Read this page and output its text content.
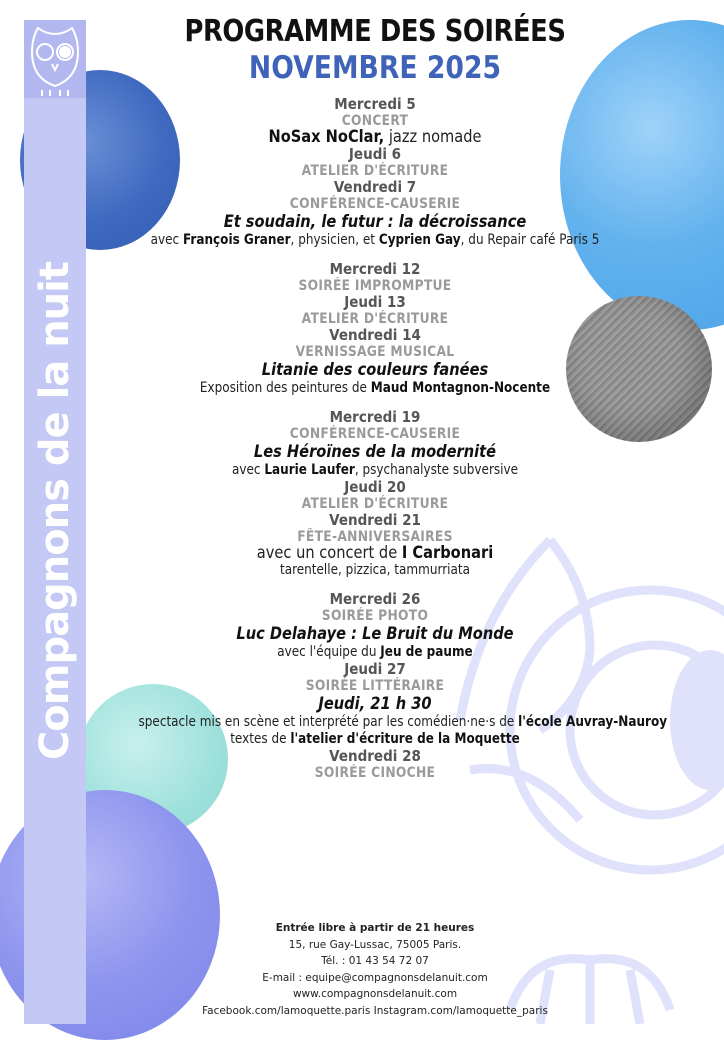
Compagnons de la nuit
PROGRAMME DES SOIRÉES
NOVEMBRE 2025
Mercredi 5
CONCERT
NoSax NoClar, jazz nomade
Jeudi 6
ATELIER D'ÉCRITURE
Vendredi 7
CONFÉRENCE-CAUSERIE
Et soudain, le futur : la décroissance
avec François Graner, physicien, et Cyprien Gay, du Repair café Paris 5
Mercredi 12
SOIRÉE IMPROMPTUE
Jeudi 13
ATELIER D'ÉCRITURE
Vendredi 14
VERNISSAGE MUSICAL
Litanie des couleurs fanées
Exposition des peintures de Maud Montagnon-Nocente
Mercredi 19
CONFÉRENCE-CAUSERIE
Les Héroïnes de la modernité
avec Laurie Laufer, psychanalyste subversive
Jeudi 20
ATELIER D'ÉCRITURE
Vendredi 21
FÊTE-ANNIVERSAIRES
avec un concert de I Carbonari
tarentelle, pizzica, tammurriata
Mercredi 26
SOIRÉE PHOTO
Luc Delahaye : Le Bruit du Monde
avec l'équipe du Jeu de paume
Jeudi 27
SOIRÉE LITTÉRAIRE
Jeudi, 21 h 30
spectacle mis en scène et interprété par les comédien·ne·s de l'école Auvray-Nauroy
textes de l'atelier d'écriture de la Moquette
Vendredi 28
SOIRÉE CINOCHE
Entrée libre à partir de 21 heures
15, rue Gay-Lussac, 75005 Paris.
Tél. : 01 43 54 72 07
E-mail : equipe@compagnonsdelanuit.com
www.compagnonsdelanuit.com
Facebook.com/lamoquette.paris Instagram.com/lamoquette_paris
